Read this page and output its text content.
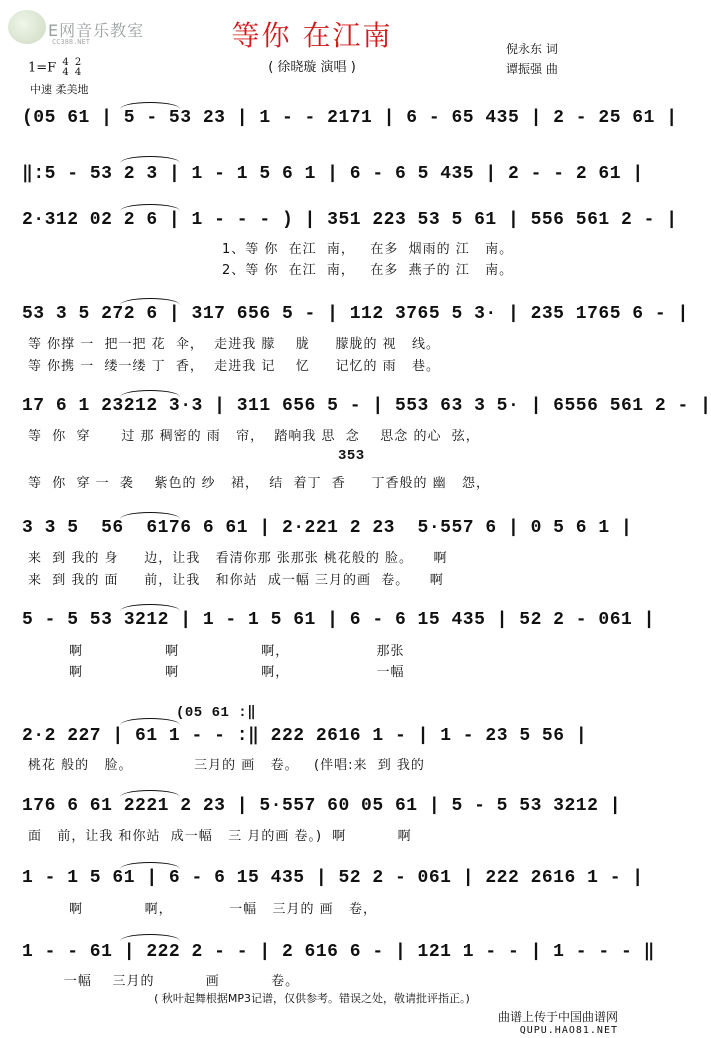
E网音乐教室
CC388.NET	等你 在江南
( 徐晓璇 演唱 )
倪永东 词
谭振强 曲
1=F 4
4

2
4
中速 柔美地
(05 61 | 5 - 53 23 | 1 - - 2171 | 6 - 65 435 | 2 - 25 61 |
‖:5 - 53 2 3 | 1 - 1 5 6 1 | 6 - 6 5 435 | 2 - - 2 61 |
2·312 02 2 6 | 1 - - - ) | 351 223 53 5 61 | 556 561 2 - |
1、等 你  在江  南，   在多  烟雨的 江   南。
2、等 你  在江  南，   在多  燕子的 江   南。
53 3 5 272 6 | 317 656 5 - | 112 3765 5 3· | 235 1765 6 - |
等 你撑 一  把一把 花  伞，  走进我 朦    胧     朦胧的 视   线。
等 你携 一  缕一缕 丁  香，  走进我 记    忆     记忆的 雨   巷。
17 6 1 23212 3·3 | 311 656 5 - | 553 63 3 5· | 6556 561 2 - |
353
等  你  穿      过 那 稠密的 雨   帘，  踏响我 思  念    思念 的心  弦，
等  你  穿 一  袭    紫色的 纱   裙，  结  着丁  香     丁香般的 幽   怨，
3 3 5  56  6176 6 61 | 2·221 2 23  5·557 6 | 0 5 6 1 |
来  到 我的 身     边，让我   看清你那 张那张 桃花般的 脸。    啊
来  到 我的 面     前，让我   和你站  成一幅 三月的画  卷。    啊
5 - 5 53 3212 | 1 - 1 5 61 | 6 - 6 15 435 | 52 2 - 061 |
啊                啊                啊，                 那张
啊                啊                啊，                 一幅
2·2 227 | 61 1 - - :‖ 222 2616 1 - | 1 - 23 5 56 |
(05 61 :‖
桃花 般的   脸。            三月的 画   卷。   (伴唱:来  到 我的
176 6 61 2221 2 23 | 5·557 60 05 61 | 5 - 5 53 3212 |
面   前，让我 和你站  成一幅   三 月的画 卷。)  啊          啊
1 - 1 5 61 | 6 - 6 15 435 | 52 2 - 061 | 222 2616 1 - |
啊            啊，           一幅   三月的 画   卷，
1 - - 61 | 222 2 - - | 2 616 6 - | 121 1 - - | 1 - - - ‖
一幅    三月的          画          卷。
( 秋叶起舞根据MP3记谱，仅供参考。错误之处，敬请批评指正。)
曲谱上传于中国曲谱网
QUPU.HAO81.NET
